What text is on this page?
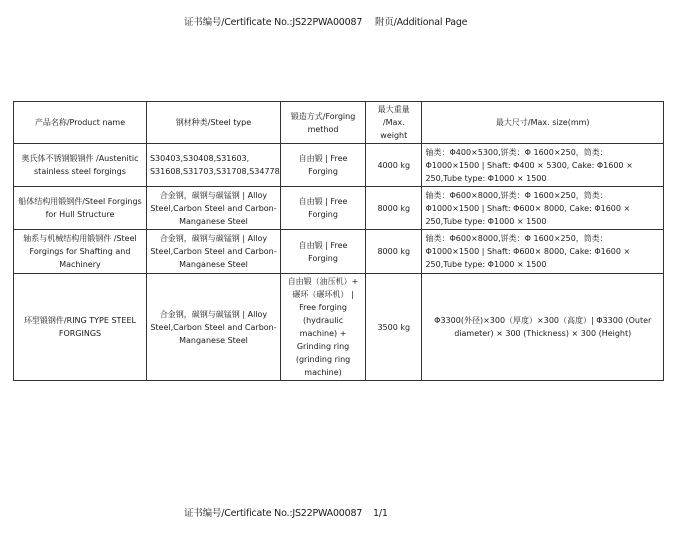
证书编号/Certificate No.:JS22PWA00087 附页/Additional Page
产品名称/Product name	钢材种类/Steel type	锻造方式/Forging method	最大重量 /Max. weight	最大尺寸/Max. size(mm)
奥氏体不锈钢锻钢件 /Austenitic stainless steel forgings	S30403,S30408,S31603, S31608,S31703,S31708,S34778	自由锻 | Free Forging	4000 kg	轴类：Φ400×5300,饼类：Φ 1600×250，筒类：Φ1000×1500 | Shaft: Φ400 × 5300, Cake: Φ1600 × 250,Tube type: Φ1000 × 1500
船体结构用锻钢件/Steel Forgings for Hull Structure	合金钢，碳钢与碳锰钢 | Alloy Steel,Carbon Steel and Carbon-Manganese Steel	自由锻 | Free Forging	8000 kg	轴类：Φ600×8000,饼类：Φ 1600×250，筒类：Φ1000×1500 | Shaft: Φ600× 8000, Cake: Φ1600 × 250,Tube type: Φ1000 × 1500
轴系与机械结构用锻钢件 /Steel Forgings for Shafting and Machinery	合金钢，碳钢与碳锰钢 | Alloy Steel,Carbon Steel and Carbon-Manganese Steel	自由锻 | Free Forging	8000 kg	轴类：Φ600×8000,饼类：Φ 1600×250，筒类：Φ1000×1500 | Shaft: Φ600× 8000, Cake: Φ1600 × 250,Tube type: Φ1000 × 1500
环型锻钢件/RING TYPE STEEL FORGINGS	合金钢，碳钢与碳锰钢 | Alloy Steel,Carbon Steel and Carbon-Manganese Steel	自由锻（油压机）+ 碾环（碾环机） | Free forging (hydraulic machine) + Grinding ring (grinding ring machine)	3500 kg	Φ3300(外径)×300（厚度）×300（高度）| Φ3300 (Outer diameter) × 300 (Thickness) × 300 (Height)
证书编号/Certificate No.:JS22PWA00087 1/1
